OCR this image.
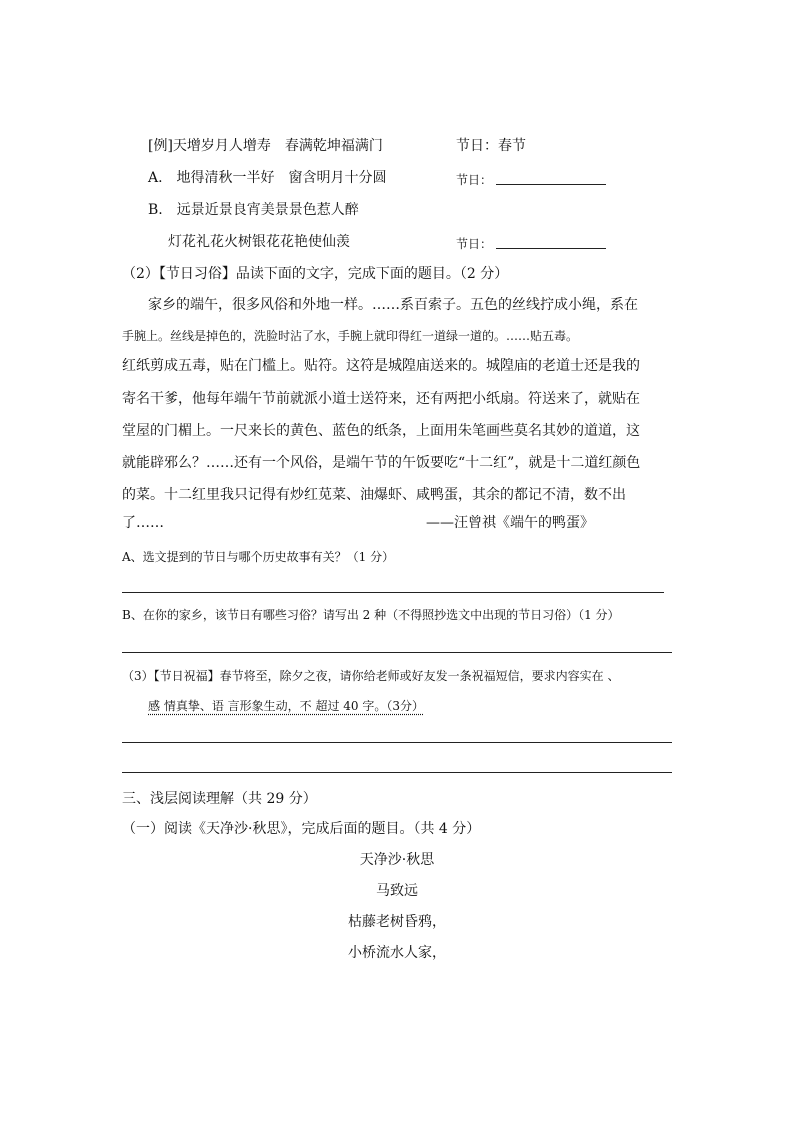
[例]天增岁月人增寿　春满乾坤福满门	节日：春节
A.　地得清秋一半好　窗含明月十分圆	节日：
B.　远景近景良宵美景景色惹人醉
灯花礼花火树银花花艳使仙羡	节日：
（2）【节日习俗】品读下面的文字，完成下面的题目。（2 分）
家乡的端午，很多风俗和外地一样。……系百索子。五色的丝线拧成小绳，系在
手腕上。丝线是掉色的，洗脸时沾了水，手腕上就印得红一道绿一道的。……贴五毒。
红纸剪成五毒，贴在门槛上。贴符。这符是城隍庙送来的。城隍庙的老道士还是我的
寄名干爹，他每年端午节前就派小道士送符来，还有两把小纸扇。符送来了，就贴在
堂屋的门楣上。一尺来长的黄色、蓝色的纸条，上面用朱笔画些莫名其妙的道道，这
就能辟邪么？……还有一个风俗，是端午节的午饭要吃“十二红”，就是十二道红颜色
的菜。十二红里我只记得有炒红苋菜、油爆虾、咸鸭蛋，其余的都记不清，数不出
了……	——汪曾祺《端午的鸭蛋》
A、选文提到的节日与哪个历史故事有关？（1 分）
B、在你的家乡，该节日有哪些习俗？请写出 2 种（不得照抄选文中出现的节日习俗）（1 分）
（3）【节日祝福】春节将至，除夕之夜，请你给老师或好友发一条祝福短信，要求内容实在 、
感 情真挚、语 言形象生动，不 超过 40 字。（3分）
三、浅层阅读理解（共 29 分）
（一）阅读《天净沙·秋思》，完成后面的题目。（共 4 分）
天净沙·秋思
马致远
枯藤老树昏鸦，
小桥流水人家，
